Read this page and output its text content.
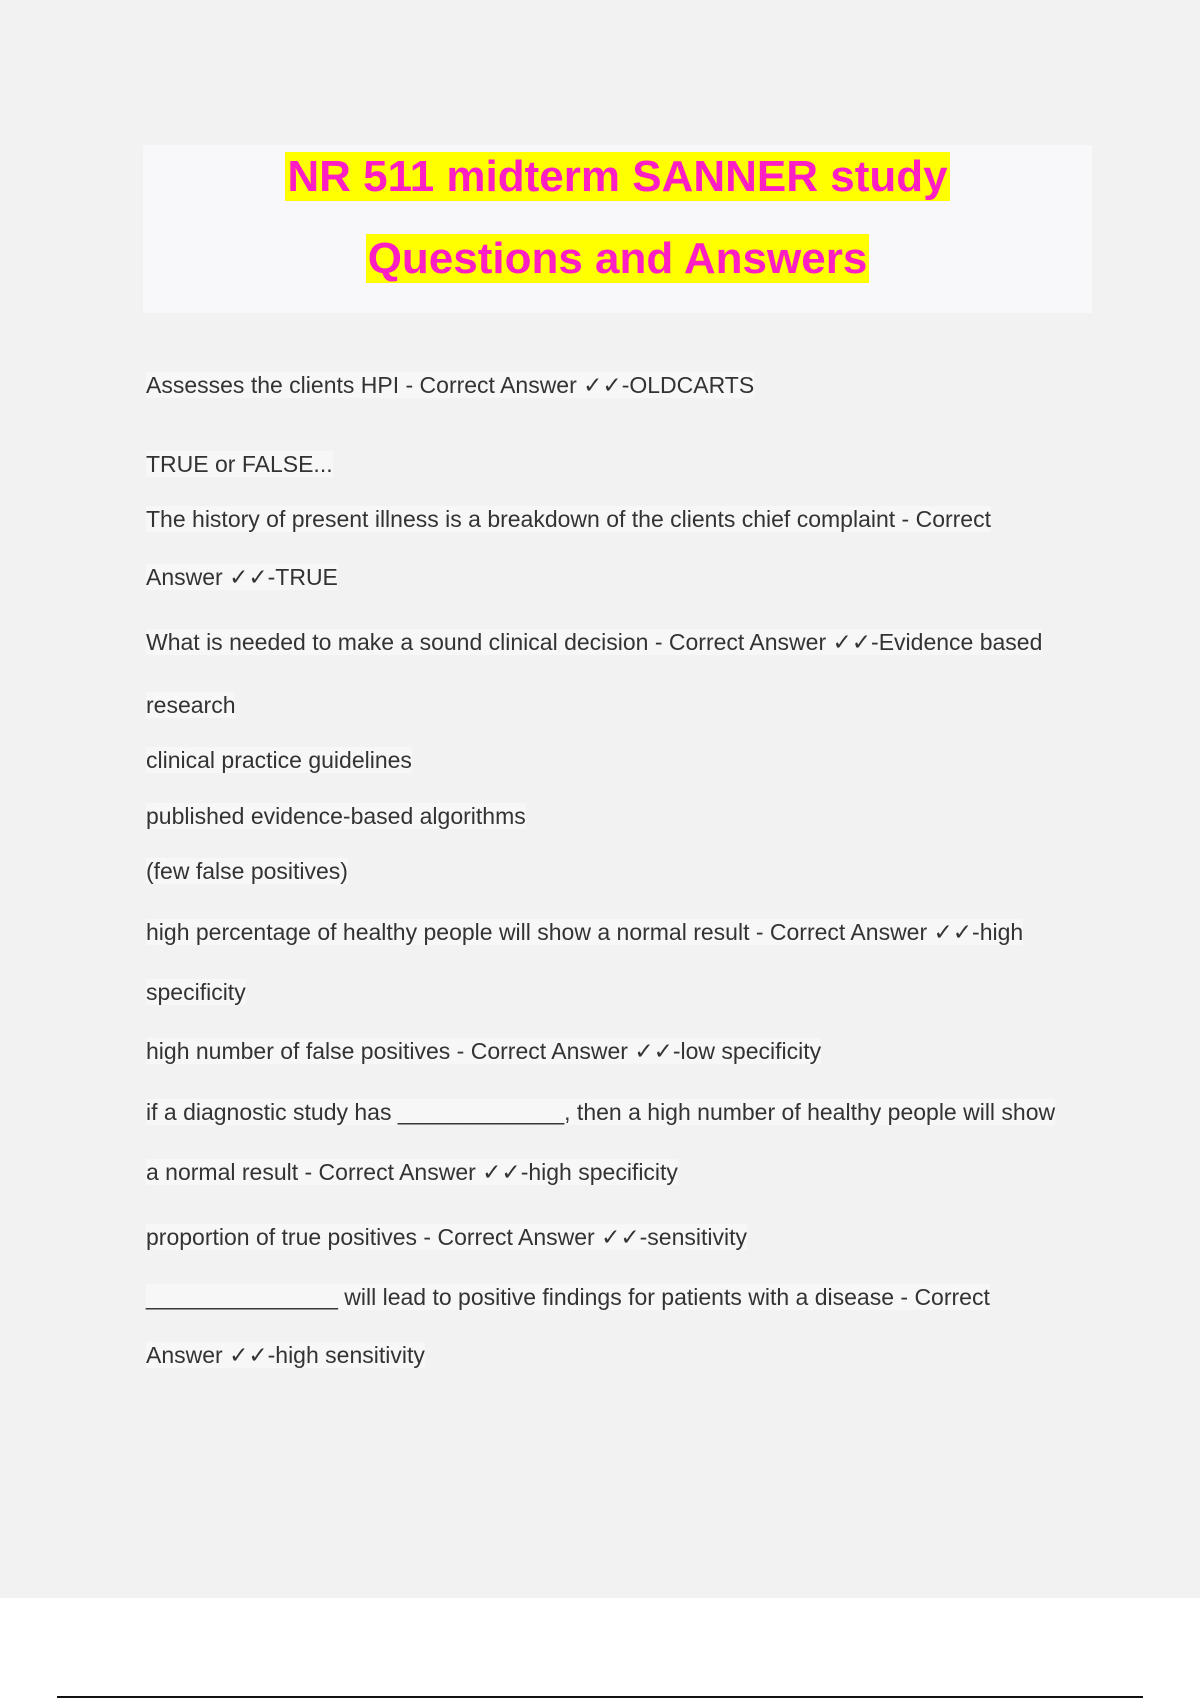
NR 511 midterm SANNER study
Questions and Answers
Assesses the clients HPI - Correct Answer ✓✓-OLDCARTS
TRUE or FALSE...
The history of present illness is a breakdown of the clients chief complaint - Correct
Answer ✓✓-TRUE
What is needed to make a sound clinical decision - Correct Answer ✓✓-Evidence based
research
clinical practice guidelines
published evidence-based algorithms
(few false positives)
high percentage of healthy people will show a normal result - Correct Answer ✓✓-high
specificity
high number of false positives - Correct Answer ✓✓-low specificity
if a diagnostic study has _____________, then a high number of healthy people will show
a normal result - Correct Answer ✓✓-high specificity
proportion of true positives - Correct Answer ✓✓-sensitivity
_______________ will lead to positive findings for patients with a disease - Correct
Answer ✓✓-high sensitivity
